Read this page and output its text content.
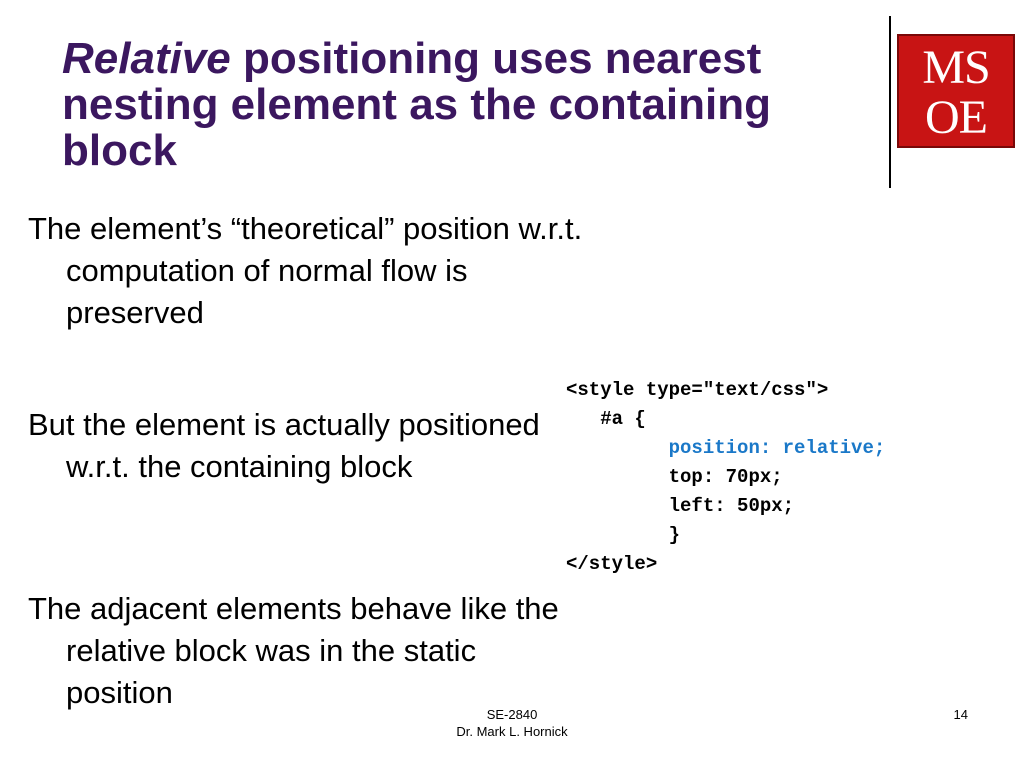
Relative positioning uses nearest nesting element as the containing block
MS
OE

The element’s “theoretical” position w.r.t. computation of normal flow is preserved

But the element is actually positioned w.r.t. the containing block

The adjacent elements behave like the relative block was in the static position

<style type="text/css">
#a {
position: relative;
top: 70px;
left: 50px;
}
</style>
SE-2840
Dr. Mark L. Hornick
14
